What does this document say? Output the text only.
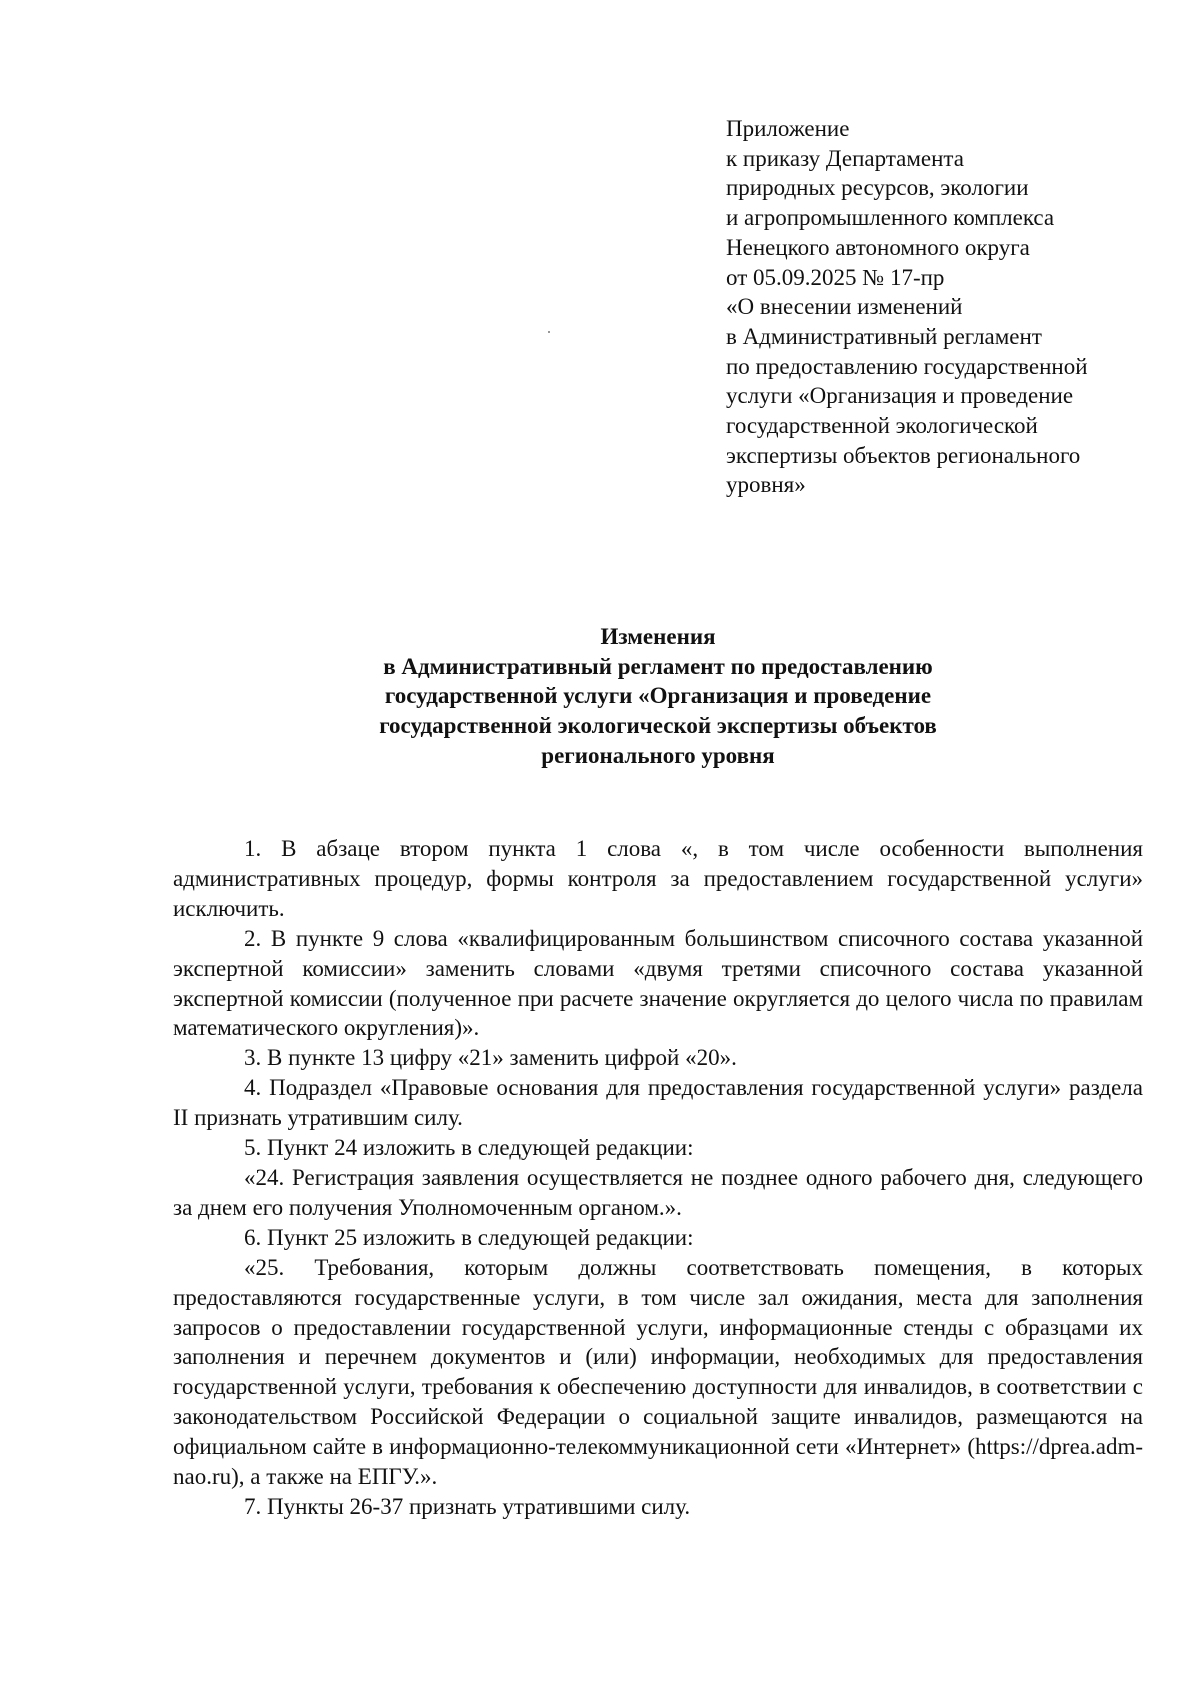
Приложение
к приказу Департамента
природных ресурсов, экологии
и агропромышленного комплекса
Ненецкого автономного округа
от 05.09.2025 № 17-пр
«О внесении изменений
в Административный регламент
по предоставлению государственной
услуги «Организация и проведение
государственной экологической
экспертизы объектов регионального
уровня»
Изменения
в Административный регламент по предоставлению
государственной услуги «Организация и проведение
государственной экологической экспертизы объектов
регионального уровня

1. В абзаце втором пункта 1 слова «, в том числе особенности выполнения административных процедур, формы контроля за предоставлением государственной услуги» исключить.

2. В пункте 9 слова «квалифицированным большинством списочного состава указанной экспертной комиссии» заменить словами «двумя третями списочного состава указанной экспертной комиссии (полученное при расчете значение округляется до целого числа по правилам математического округления)».

3. В пункте 13 цифру «21» заменить цифрой «20».

4. Подраздел «Правовые основания для предоставления государственной услуги» раздела II признать утратившим силу.

5. Пункт 24 изложить в следующей редакции:

«24. Регистрация заявления осуществляется не позднее одного рабочего дня, следующего за днем его получения Уполномоченным органом.».

6. Пункт 25 изложить в следующей редакции:

«25. Требования, которым должны соответствовать помещения, в которых предоставляются государственные услуги, в том числе зал ожидания, места для заполнения запросов о предоставлении государственной услуги, информационные стенды с образцами их заполнения и перечнем документов и (или) информации, необходимых для предоставления государственной услуги, требования к обеспечению доступности для инвалидов, в соответствии с законодательством Российской Федерации о социальной защите инвалидов, размещаются на официальном сайте в информационно-телекоммуникационной сети «Интернет» (https://dprea.adm-nao.ru), а также на ЕПГУ.».

7. Пункты 26-37 признать утратившими силу.
